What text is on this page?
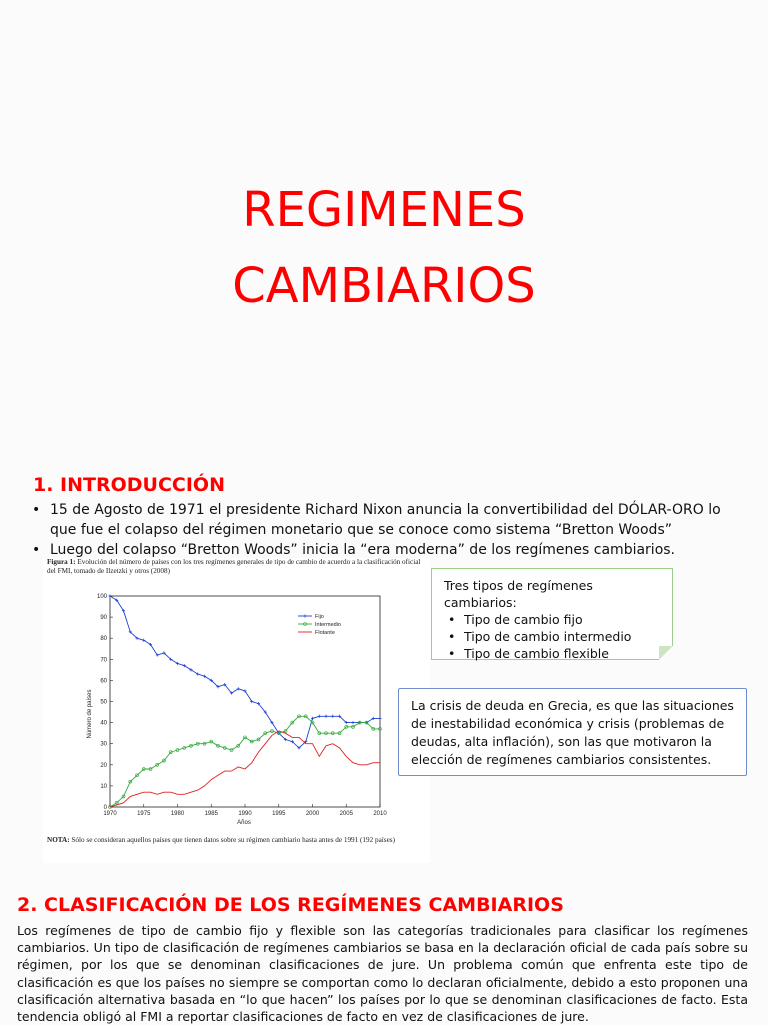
REGIMENES
CAMBIARIOS
1. INTRODUCCIÓN
• 15 de Agosto de 1971 el presidente Richard Nixon anuncia la convertibilidad del DÓLAR-ORO lo que fue el colapso del régimen monetario que se conoce como sistema “Bretton Woods”
• Luego del colapso “Bretton Woods” inicia la “era moderna” de los regímenes cambiarios.
Figura 1: Evolución del número de países con los tres regímenes generales de tipo de cambio de acuerdo a la clasificación oficial del FMI, tomado de Ilzetzki y otros (2008)
Número de países
Años
1970	1975	1980	1985	1990	1995	2000	2005	2010
0
10
20
30
40
50
60
70
80
90
100
Fijo
Intermedio
Flotante
NOTA: Sólo se consideran aquellos países que tienen datos sobre su régimen cambiario hasta antes de 1991 (192 países)
Tres tipos de regímenes cambiarios:
• Tipo de cambio fijo
• Tipo de cambio intermedio
• Tipo de cambio flexible
La crisis de deuda en Grecia, es que las situaciones de inestabilidad económica y crisis (problemas de deudas, alta inflación), son las que motivaron la elección de regímenes cambiarios consistentes.
2. CLASIFICACIÓN DE LOS REGÍMENES CAMBIARIOS
Los regímenes de tipo de cambio fijo y flexible son las categorías tradicionales para clasificar los regímenes cambiarios. Un tipo de clasificación de regímenes cambiarios se basa en la declaración oficial de cada país sobre su régimen, por los que se denominan clasificaciones de jure. Un problema común que enfrenta este tipo de clasificación es que los países no siempre se comportan como lo declaran oficialmente, debido a esto proponen una clasificación alternativa basada en “lo que hacen” los países por lo que se denominan clasificaciones de facto. Esta tendencia obligó al FMI a reportar clasificaciones de facto en vez de clasificaciones de jure.
